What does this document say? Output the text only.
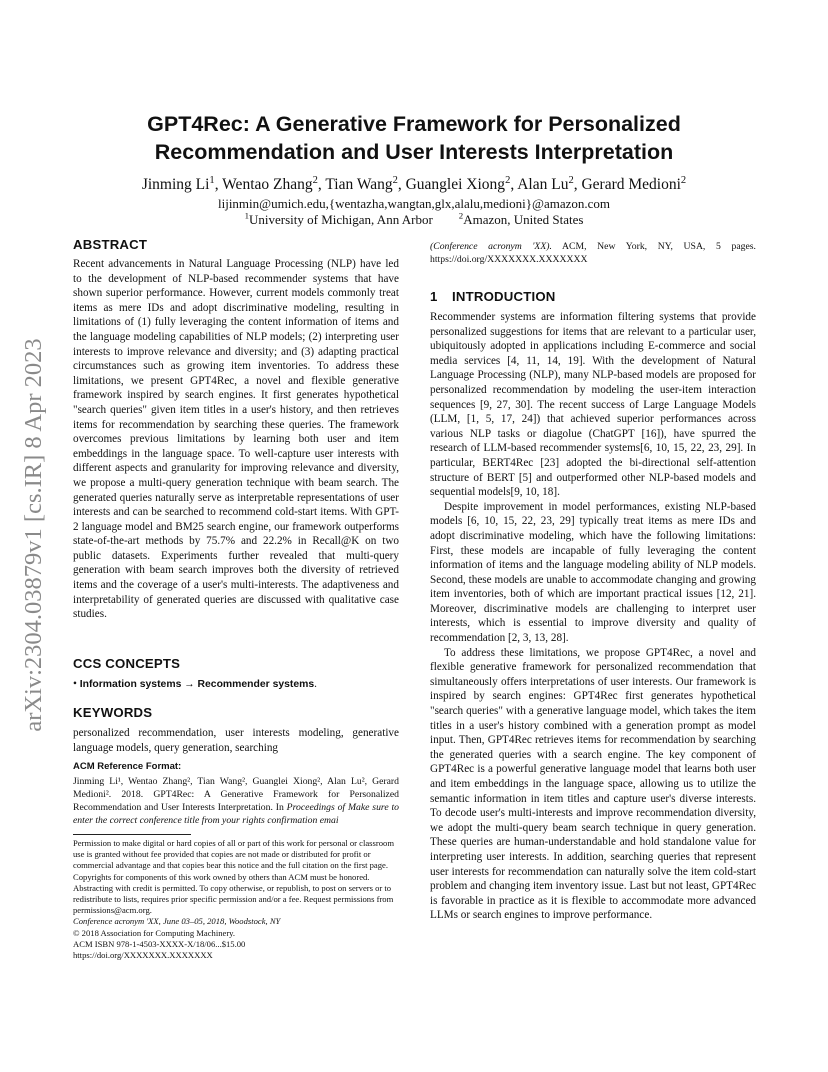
arXiv:2304.03879v1 [cs.IR] 8 Apr 2023
GPT4Rec: A Generative Framework for Personalized
Recommendation and User Interests Interpretation
Jinming Li$^1$, Wentao Zhang$^2$, Tian Wang$^2$, Guanglei Xiong$^2$, Alan Lu$^2$, Gerard Medioni$^2$
lijinmin@umich.edu,{wentazha,wangtan,glx,alalu,medioni}@amazon.com
$^1$University of Michigan, Ann Arbor	$^2$Amazon, United States
ABSTRACT

Recent advancements in Natural Language Processing (NLP) have led to the development of NLP-based recommender systems that have shown superior performance. However, current models commonly treat items as mere IDs and adopt discriminative modeling, resulting in limitations of (1) fully leveraging the content information of items and the language modeling capabilities of NLP models; (2) interpreting user interests to improve relevance and diversity; and (3) adapting practical circumstances such as growing item inventories. To address these limitations, we present GPT4Rec, a novel and flexible generative framework inspired by search engines. It first generates hypothetical "search queries" given item titles in a user's history, and then retrieves items for recommendation by searching these queries. The framework overcomes previous limitations by learning both user and item embeddings in the language space. To well-capture user interests with different aspects and granularity for improving relevance and diversity, we propose a multi-query generation technique with beam search. The generated queries naturally serve as interpretable representations of user interests and can be searched to recommend cold-start items. With GPT-2 language model and BM25 search engine, our framework outperforms state-of-the-art methods by 75.7% and 22.2% in Recall@K on two public datasets. Experiments further revealed that multi-query generation with beam search improves both the diversity of retrieved items and the coverage of a user's multi-interests. The adaptiveness and interpretability of generated queries are discussed with qualitative case studies.

CCS CONCEPTS

• Information systems → Recommender systems.

KEYWORDS

personalized recommendation, user interests modeling, generative language models, query generation, searching

ACM Reference Format:

Jinming Li¹, Wentao Zhang², Tian Wang², Guanglei Xiong², Alan Lu², Gerard Medioni². 2018. GPT4Rec: A Generative Framework for Personalized Recommendation and User Interests Interpretation. In Proceedings of Make sure to enter the correct conference title from your rights confirmation emai

Permission to make digital or hard copies of all or part of this work for personal or classroom use is granted without fee provided that copies are not made or distributed for profit or commercial advantage and that copies bear this notice and the full citation on the first page. Copyrights for components of this work owned by others than ACM must be honored. Abstracting with credit is permitted. To copy otherwise, or republish, to post on servers or to redistribute to lists, requires prior specific permission and/or a fee. Request permissions from permissions@acm.org.

Conference acronym 'XX, June 03–05, 2018, Woodstock, NY

© 2018 Association for Computing Machinery.

ACM ISBN 978-1-4503-XXXX-X/18/06...$15.00

https://doi.org/XXXXXXX.XXXXXXX

(Conference acronym 'XX). ACM, New York, NY, USA, 5 pages. https://doi.org/XXXXXXX.XXXXXXX

1 INTRODUCTION

Recommender systems are information filtering systems that provide personalized suggestions for items that are relevant to a particular user, ubiquitously adopted in applications including E-commerce and social media services [4, 11, 14, 19]. With the development of Natural Language Processing (NLP), many NLP-based models are proposed for personalized recommendation by modeling the user-item interaction sequences [9, 27, 30]. The recent success of Large Language Models (LLM, [1, 5, 17, 24]) that achieved superior performances across various NLP tasks or diagolue (ChatGPT [16]), have spurred the research of LLM-based recommender systems[6, 10, 15, 22, 23, 29]. In particular, BERT4Rec [23] adopted the bi-directional self-attention structure of BERT [5] and outperformed other NLP-based models and sequential models[9, 10, 18].

Despite improvement in model performances, existing NLP-based models [6, 10, 15, 22, 23, 29] typically treat items as mere IDs and adopt discriminative modeling, which have the following limitations: First, these models are incapable of fully leveraging the content information of items and the language modeling ability of NLP models. Second, these models are unable to accommodate changing and growing item inventories, both of which are important practical issues [12, 21]. Moreover, discriminative models are challenging to interpret user interests, which is essential to improve diversity and quality of recommendation [2, 3, 13, 28].

To address these limitations, we propose GPT4Rec, a novel and flexible generative framework for personalized recommendation that simultaneously offers interpretations of user interests. Our framework is inspired by search engines: GPT4Rec first generates hypothetical "search queries" with a generative language model, which takes the item titles in a user's history combined with a generation prompt as model input. Then, GPT4Rec retrieves items for recommendation by searching the generated queries with a search engine. The key component of GPT4Rec is a powerful generative language model that learns both user and item embeddings in the language space, allowing us to utilize the semantic information in item titles and capture user's diverse interests. To decode user's multi-interests and improve recommendation diversity, we adopt the multi-query beam search technique in query generation. These queries are human-understandable and hold standalone value for interpreting user interests. In addition, searching queries that represent user interests for recommendation can naturally solve the item cold-start problem and changing item inventory issue. Last but not least, GPT4Rec is favorable in practice as it is flexible to accommodate more advanced LLMs or search engines to improve performance.
